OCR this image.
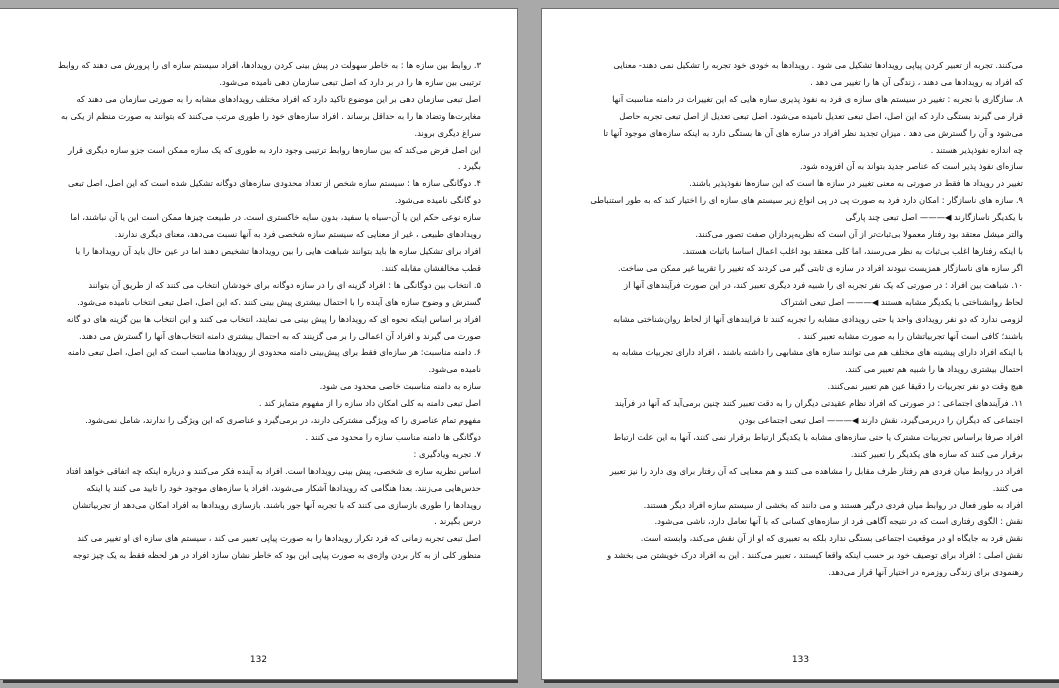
۳. روابط بین سازه ها : به خاطر سهولت در پیش بینی کردن رویدادها، افراد سیستم سازه ای را پرورش می دهند که روابط

ترتیبی بین سازه ها را در بر دارد که اصل تبعی سازمان دهی نامیده می‌شود.

اصل تبعی سازمان دهی بر این موضوع تاکید دارد که افراد مختلف رویدادهای مشابه را به صورتی سازمان می دهند که

مغایرت‌ها وتضاد ها را به حداقل برساند . افراد سازه‌های خود را طوری مرتب می‌کنند که بتوانند به صورت منظم از یکی به

سراغ دیگری بروند.

این اصل فرض می‌کند که بین سازه‌ها روابط ترتیبی وجود دارد به طوری که یک سازه ممکن است جزو سازه دیگری قرار

بگیرد .

۴. دوگانگی سازه ها : سیستم سازه شخص از تعداد محدودی سازه‌های دوگانه تشکیل شده است که این اصل، اصل تبعی

دو گانگی نامیده می‌شود.

سازه نوعی حکم این یا آن-سیاه یا سفید، بدون سایه خاکستری است. در طبیعت چیزها ممکن است این یا آن نباشند، اما

رویدادهای طبیعی ، غیر از معنایی که سیستم سازه شخصی فرد به آنها نسبت می‌دهد، معنای دیگری ندارند.

افراد برای تشکیل سازه ها باید بتوانند شباهت هایی را بین رویدادها تشخیص دهند اما در عین حال باید آن رویدادها را با

قطب مخالفشان مقابله کنند.

۵. انتخاب بین دوگانگی ها : افراد گزینه ای را در سازه دوگانه برای خودشان انتخاب می کنند که از طریق آن بتوانند

گسترش و وضوح سازه های آینده را با احتمال بیشتری پیش بینی کنند .که این اصل، اصل تبعی انتخاب نامیده می‌شود.

افراد بر اساس اینکه نحوه ای که رویدادها را پیش بینی می نمایند، انتخاب می کنند و این انتخاب ها بین گزینه های دو گانه

صورت می گیرند و افراد آن اعمالی را بر می گزینند که به احتمال بیشتری دامنه انتخاب‌های آنها را گسترش می دهند.

۶. دامنه مناسبت: هر سازه‌ای فقط برای پیش‌بینی دامنه محدودی از رویدادها مناسب است که این اصل، اصل تبعی دامنه

نامیده می‌شود.

سازه به دامنه مناسبت خاصی محدود می شود.

اصل تبعی دامنه به کلی امکان داد سازه را از مفهوم متمایز کند .

مفهوم تمام عناصری را که ویژگی مشترکی دارند، در برمی‌گیرد و عناصری که این ویژگی را ندارند، شامل نمی‌شود.

دوگانگی ها دامنه مناسب سازه را محدود می کنند .

۷. تجربه ویادگیری :

اساس نظریه سازه ی شخصی، پیش بینی رویدادها است. افراد به آینده فکر می‌کنند و درباره اینکه چه اتفاقی خواهد افتاد

حدس‌هایی می‌زنند. بعدا هنگامی که رویدادها آشکار می‌شوند، افراد یا سازه‌های موجود خود را تایید می کنند یا اینکه

رویدادها را طوری بازسازی می کنند که با تجربه آنها جور باشند. بازسازی رویدادها به افراد امکان می‌دهد از تجربیاتشان

درس بگیرند .

اصل تبعی تجربه زمانی که فرد تکرار رویدادها را به صورت پیاپی تعبیر می کند ، سیستم های سازه ای او تغییر می کند

منظور کلی از به کار بردن واژه‌ی به صورت پیاپی این بود که خاطر نشان سازد افراد در هر لحظه فقط به یک چیز توجه

132

می‌کنند. تجربه از تعبیر کردن پیاپی رویدادها تشکیل می شود . رویدادها به خودی خود تجربه را تشکیل نمی دهند- معنایی

که افراد به رویدادها می دهند ، زندگی آن ها را تغییر می دهد .

۸. سازگاری با تجربه : تغییر در سیستم های سازه ی فرد به نفوذ پذیری سازه هایی که این تغییرات در دامنه مناسبت آنها

قرار می گیرند بستگی دارد که این اصل، اصل تبعی تعدیل نامیده می‌شود. اصل تبعی تعدیل از اصل تبعی تجربه حاصل

می‌شود و آن را گسترش می دهد . میزان تجدید نظر افراد در سازه های آن ها بستگی دارد به اینکه سازه‌های موجود آنها تا

چه اندازه نفوذپذیر هستند .

سازه‌ای نفوذ پذیر است که عناصر جدید بتواند به آن افزوده شود.

تغییر در رویداد ها فقط در صورتی به معنی تغییر در سازه ها است که این سازه‌ها نفوذپذیر باشند.

۹. سازه های ناسازگار : امکان دارد فرد به صورت پی در پی انواع زیر سیستم های سازه ای را اختیار کند که به طور استنباطی

با یکدیگر ناسازگارند ◀——— اصل تبعی چند پارگی

والتر میشل معتقد بود رفتار معمولا بی‌ثبات‌تر از آن است که نظریه‌پردازان صفت تصور می‌کنند.

با اینکه رفتارها اغلب بی‌ثبات به نظر می‌رسند، اما کلی معتقد بود اغلب اعمال اساسا باثبات هستند.

اگر سازه های ناسازگار همزیست نبودند افراد در سازه ی ثابتی گیر می کردند که تغییر را تقریبا غیر ممکن می ساخت.

۱۰. شباهت بین افراد : در صورتی که یک نفر تجربه ای را شبیه فرد دیگری تعبیر کند، در این صورت فرآیندهای آنها از

لحاظ روانشناختی با یکدیگر مشابه هستند ◀——— اصل تبعی اشتراک

لزومی ندارد که دو نفر رویدادی واحد یا حتی رویدادی مشابه را تجربه کنند تا فرایندهای آنها از لحاظ روان‌شناختی مشابه

باشند؛ کافی است آنها تجربیاتشان را به صورت مشابه تعبیر کنند .

با اینکه افراد دارای پیشینه های مختلف هم می توانند سازه های مشابهی را داشته باشند ، افراد دارای تجربیات مشابه به

احتمال بیشتری رویداد ها را شبیه هم تعبیر می کنند.

هیچ وقت دو نفر تجربیات را دقیقا عین هم تعبیر نمی‌کنند.

۱۱. فرآیندهای اجتماعی : در صورتی که افراد نظام عقیدتی دیگران را به دقت تعبیر کنند چنین برمی‌آید که آنها در فرآیند

اجتماعی که دیگران را دربرمی‌گیرد، نقش دارند ◀——— اصل تبعی اجتماعی بودن

افراد صرفا براساس تجربیات مشترک یا حتی سازه‌های مشابه با یکدیگر ارتباط برقرار نمی کنند، آنها به این علت ارتباط

برقرار می کنند که سازه های یکدیگر را تعبیر کنند.

افراد در روابط میان فردی هم رفتار طرف مقابل را مشاهده می کنند و هم معنایی که آن رفتار برای وی دارد را نیز تعبیر

می کنند.

افراد به طور فعال در روابط میان فردی درگیر هستند و می دانند که بخشی از سیستم سازه افراد دیگر هستند.

نقش : الگوی رفتاری است که در نتیجه آگاهی فرد از سازه‌های کسانی که با آنها تعامل دارد، ناشی می‌شود.

نقش فرد به جایگاه او در موقعیت اجتماعی بستگی ندارد بلکه به تعبیری که او از آن نقش می‌کند، وابسته است.

نقش اصلی : افراد برای توصیف خود بر حسب اینکه واقعا کیستند ، تعبیر می‌کنند . این به افراد درک خویشتن می بخشد و

رهنمودی برای زندگی روزمره در اختیار آنها قرار می‌دهد.

133
